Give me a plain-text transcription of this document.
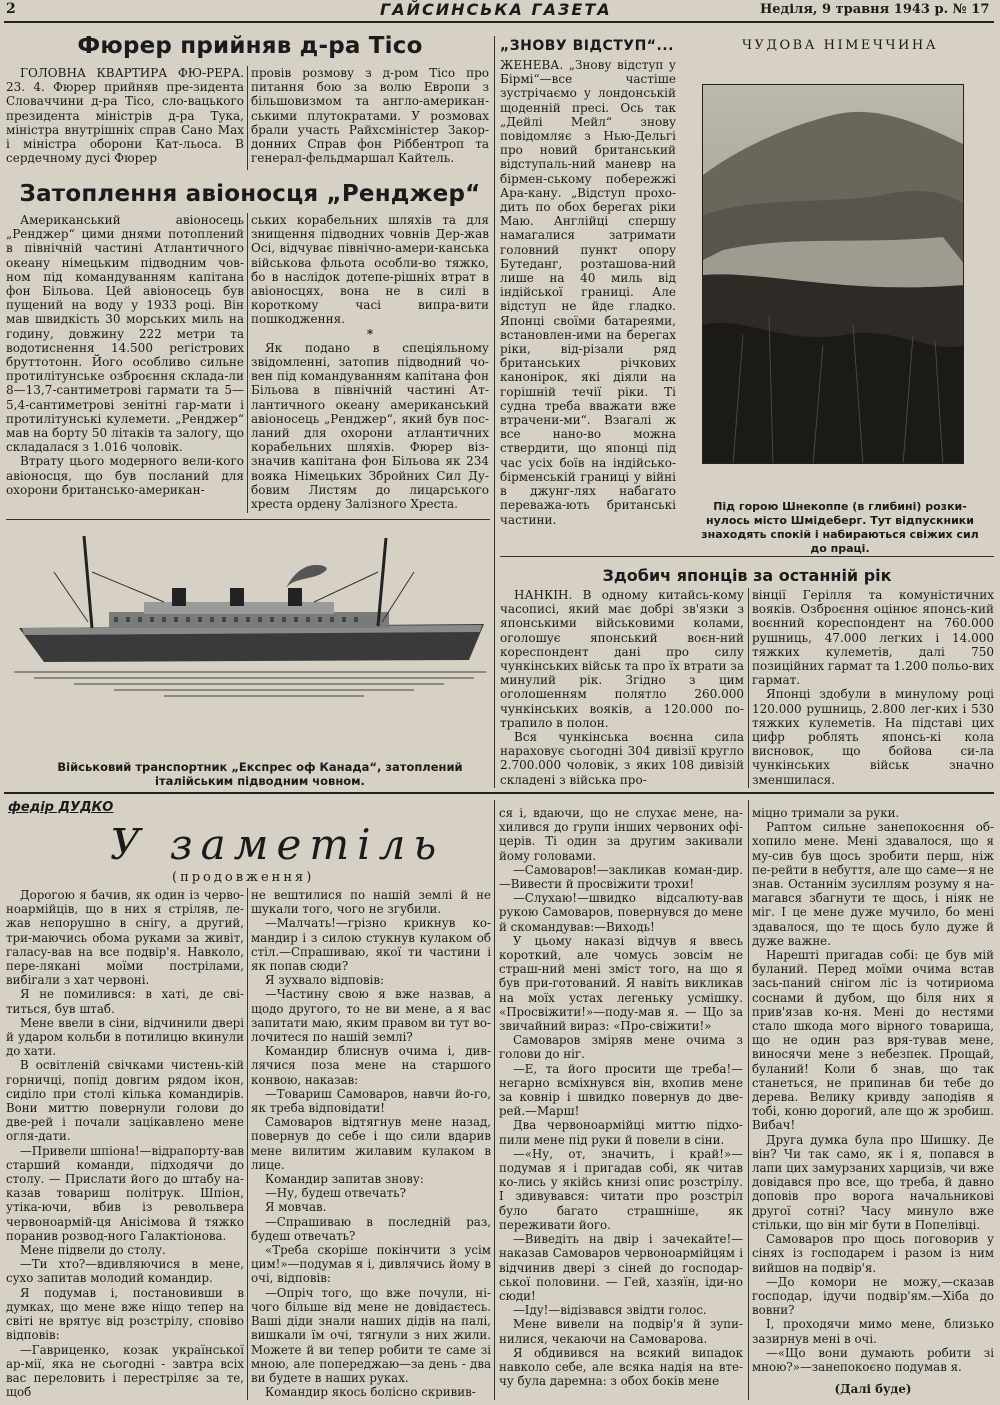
2	ГАЙСИНСЬКА ГАЗЕТА	Неділя, 9 травня 1943 р. № 17
Фюрер прийняв д-ра Тісо
ГОЛОВНА КВАРТИРА ФЮ-РЕРА. 23. 4. Фюрер прийняв пре-зидента Словаччини д-ра Тісо, сло-вацького президента міністрів д-ра Тука, міністра внутрішніх справ Сано Мах і міністра оборони Кат-льоса. В сердечному дусі Фюрер
провів розмову з д-ром Тісо про питання бою за волю Европи з більшовизмом та англо-американ-ськими плутократами. У розмовах брали участь Райхсміністер Закор-донних Справ фон Ріббентроп та генерал-фельдмаршал Кайтель.
Затоплення авіоносця „Ренджер“

Американський авіоносець „Ренджер“ цими днями потоплений в північній частині Атлантичного океану німецьким підводним чов-ном під командуванням капітана фон Більова. Цей авіоносець був пущений на воду у 1933 році. Він мав швидкість 30 морських миль на годину, довжину 222 метри та водотиснення 14.500 регістрових бруттотонн. Його особливо сильне протилітунське озброєння склада-ли 8—13,7-сантиметрові гармати та 5—5,4-сантиметрові зенітні гар-мати і протилітунські кулемети. „Ренджер“ мав на борту 50 літаків та залогу, що складалася з 1.016 чоловік.

Втрату цього модерного вели-кого авіоносця, що був посланий для охорони британсько-американ-

ських корабельних шляхів та для знищення підводних човнів Дер-жав Осі, відчуває північно-амери-канська військова фльота особли-во тяжко, бо в наслідок дотепе-рішніх втрат в авіоносцях, вона не в силі в короткому часі випра-вити пошкодження.

*

Як подано в спеціяльному звідомленні, затопив підводний чо-вен під командуванням капітана фон Більова в північній частині Ат-лантичного океану американський авіоносець „Ренджер“, який був пос-ланий для охорони атлантичних корабельних шляхів. Фюрер віз-значив капітана фон Більова як 234 вояка Німецьких Збройних Сил Ду-бовим Листям до лицарського хреста ордену Залізного Хреста.

Військовий транспортник „Експрес оф Канада“, затоплений італійським підводним човном.
„ЗНОВУ ВІДСТУП“...
ЖЕНЕВА. „Знову відступ у Бірмі“—все частіше зустрічаємо у лондонській щоденній пресі. Ось так „Дейлі Мейл“ знову повідомляє з Нью-Дельгі про новий британський відступаль-ний маневр на бірмен-ському побережжі Ара-кану. „Відступ прохо-дить по обох берегах ріки Маю. Англійці спершу намагалися затримати головний пункт опору Бутеданг, розташова-ний лише на 40 миль від індійської границі. Але відступ не йде гладко. Японці своїми батареями, встановлен-ими на берегах ріки, від-різали ряд британських річкових канонірок, які діяли на горішній течії ріки. Ті судна треба вважати вже втрачени-ми“. Взагалі ж все нано-во можна ствердити, що японці під час усіх боїв на індійсько-бірменській границі у війні в джунг-лях набагато переважа-ють британські частини.
ЧУДОВА НІМЕЧЧИНА
Під горою Шнекоппе (в глибині) розки-нулось місто Шмідеберг. Тут відпускники знаходять спокій і набираються свіжих сил до праці.
Здобич японців за останній рік

НАНКІН. В одному китайсь-кому часописі, який має добрі зв'язки з японськими військовими колами, оголошує японський воєн-ний кореспондент дані про силу чункінських військ та про їх втрати за минулий рік. Згідно з цим оголошенням полятло 260.000 чункінських вояків, а 120.000 по-трапило в полон.

Вся чункінська воєнна сила нараховує сьогодні 304 дивізії кругло 2.700.000 чоловік, з яких 108 дивізій складені з війська про-

вінції Герілля та комуністичних вояків. Озброєння оцінює японсь-кий воєнний кореспондент на 760.000 рушниць, 47.000 легких і 14.000 тяжких кулеметів, далі 750 позиційних гармат та 1.200 польо-вих гармат.

Японці здобули в минулому році 120.000 рушниць, 2.800 лег-ких і 530 тяжких кулеметів. На підставі цих цифр роблять японсь-кі кола висновок, що бойова си-ла чункінських військ значно зменшилася.

федір ДУДКО
У заметіль
(продовження)

Дорогою я бачив, як один із черво-ноармійців, що в них я стріляв, ле-жав непорушно в снігу, а другий, три-маючись обома руками за живіт, галасу-вав на все подвір'я. Навколо, пере-ляканi моїми пострілами, вибігали з хат червоні.

Я не помилився: в хаті, де сві-титься, був штаб.

Мене ввели в сіни, відчинили двері й ударом кольби в потилицю вкинули до хати.

В освітленій свічками чистень-кій горничці, попід довгим рядом ікон, сиділо при столі кілька командирів. Вони миттю повернули голови до две-рей і почали зацікавлено мене огля-дати.

—Привели шпіона!—відрапорту-вав старший команди, підходячи до столу. — Прислати його до штабу на-казав товариш політрук. Шпіон, утіка-ючи, вбив із револьвера червоноармій-ця Анісімова й тяжко поранив розвод-ного Галактіонова.

Мене підвели до столу.

—Ти хто?—вдивляючися в мене, сухо запитав молодий командир.

Я подумав і, постановивши в думках, що мене вже ніщо тепер на світі не врятує від розстрілу, сповіво відповів:

—Гавриценко, козак української ар-мії, яка не сьогодні - завтра всіх вас переловить і перестріляє за те, щоб

не вештилися по нашій землі й не шукали того, чого не згубили.

—Малчать!—грізно крикнув ко-мандир і з силою стукнув кулаком об стіл.—Спрашиваю, якої ти частини і як попав сюди?

Я зухвало відповів:

—Частину свою я вже назвав, а щодо другого, то не ви мене, а я вас запитати маю, яким правом ви тут во-лочитеся по нашій землі?

Командир блиснув очима і, див-лячися поза мене на старшого конвою, наказав:

—Товариш Самоваров, навчи йо-го, як треба відповідати!

Самоваров відтягнув мене назад, повернув до себе і що сили вдарив мене вилитим жилавим кулаком в лице.

Командир запитав знову:

—Ну, будеш отвечать?

Я мовчав.

—Спрашиваю в последній раз, будеш отвечать?

«Треба скоріше покінчити з усім цим!»—подумав я і, дивлячись йому в очі, відповів:

—Опріч того, що вже почули, ні-чого більше від мене не довідаєтесь. Ваші діди знали наших дідів на палі, вишкали їм очі, тягнули з них жили. Можете й ви тепер робити те саме зі мною, але попереджаю—за день - два ви будете в наших руках.

Командир якось болісно скривив-

ся і, вдаючи, що не слухає мене, на-хилився до групи інших червоних офі-церів. Ті один за другим закивали йому головами.

—Самоваров!—закликав коман-дир.—Вивести й просвіжити трохи!

—Слухаю!—швидко відсалюту-вав рукою Самоваров, повернувся до мене й скомандував:—Виходь!

У цьому наказі відчув я ввесь короткий, але чомусь зовсім не страш-ний мені зміст того, на що я був при-готований. Я навіть викликав на моїх устах легеньку усмішку. «Просвіжити!»—поду-мав я. — Що за звичайний вираз: «Про-свіжити!»

Самоваров зміряв мене очима з голови до ніг.

—Е, та його просити ще треба!—негарно всміхнувся він, вхопив мене за ковнір і швидко повернув до две-рей.—Марш!

Два червоноармійці миттю підхо-пили мене під руки й повели в сіни.

—«Ну, от, значить, і край!»—подумав я і пригадав собі, як читав ко-лись у якійсь книзі опис розстрілу. І здивувався: читати про розстріл було багато страшніше, як переживати його.

—Виведіть на двір і зачекайте!—наказав Самоваров червоноармійцям і відчинив двері з сіней до господар-ської половини. — Гей, хазяїн, іди-но сюди!

—Іду!—відізвався звідти голос.

Мене вивели на подвір'я й зупи-нилися, чекаючи на Самоварова.

Я обдивився на всякий випадок навколо себе, але всяка надія на вте-чу була даремна: з обох боків мене

міцно тримали за руки.

Раптом сильне занепокоєння об-хопило мене. Мені здавалося, що я му-сив був щось зробити перш, ніж пе-рейти в небуття, але що саме—я не знав. Останнім зусиллям розуму я на-магався збагнути те щось, і ніяк не міг. І це мене дуже мучило, бо мені здавалося, що те щось було дуже й дуже важне.

Нарешті пригадав собі: це був мій буланий. Перед моїми очима встав зась-паний снігом ліс із чотириома соснами й дубом, що біля них я прив'язав ко-ня. Мені до нестями стало шкода мого вірного товариша, що не один раз вря-тував мене, виносячи мене з небезпек. Прощай, буланий! Коли б знав, що так станеться, не припинав би тебе до дерева. Велику кривду заподіяв я тобі, коню дорогий, але що ж зробиш. Вибач!

Друга думка була про Шишку. Де він? Чи так само, як і я, попався в лапи цих замурзаних харцизів, чи вже довідався про все, що треба, й давно доповів про ворога начальникові другої сотні? Часу минуло вже стільки, що він міг бути в Попелівці.

Самоваров про щось поговорив у сінях із господарем і разом із ним вийшов на подвір'я.

—До комори не можу,—сказав господар, ідучи подвір'ям.—Хіба до вовни?

І, проходячи мимо мене, близько зазирнув мені в очі.

—«Що вони думають робити зі мною?»—занепокоєно подумав я.

(Далі буде)
